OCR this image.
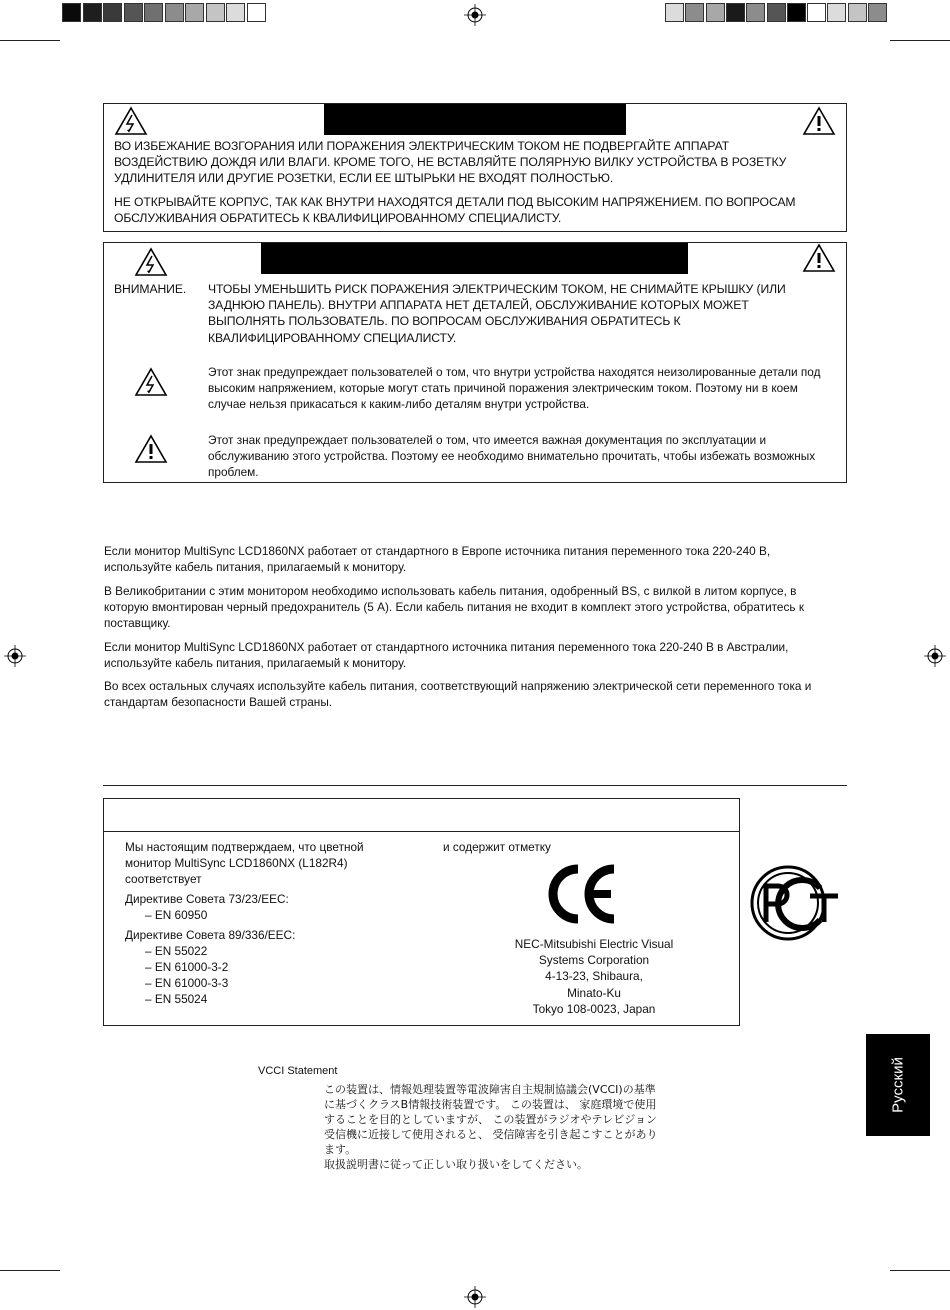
ВО ИЗБЕЖАНИЕ ВОЗГОРАНИЯ ИЛИ ПОРАЖЕНИЯ ЭЛЕКТРИЧЕСКИМ ТОКОМ НЕ ПОДВЕРГАЙТЕ АППАРАТ ВОЗДЕЙСТВИЮ ДОЖДЯ ИЛИ ВЛАГИ. КРОМЕ ТОГО, НЕ ВСТАВЛЯЙТЕ ПОЛЯРНУЮ ВИЛКУ УСТРОЙСТВА В РОЗЕТКУ УДЛИНИТЕЛЯ ИЛИ ДРУГИЕ РОЗЕТКИ, ЕСЛИ ЕЕ ШТЫРЬКИ НЕ ВХОДЯТ ПОЛНОСТЬЮ.

НЕ ОТКРЫВАЙТЕ КОРПУС, ТАК КАК ВНУТРИ НАХОДЯТСЯ ДЕТАЛИ ПОД ВЫСОКИМ НАПРЯЖЕНИЕМ. ПО ВОПРОСАМ ОБСЛУЖИВАНИЯ ОБРАТИТЕСЬ К КВАЛИФИЦИРОВАННОМУ СПЕЦИАЛИСТУ.

ВНИМАНИЕ. ЧТОБЫ УМЕНЬШИТЬ РИСК ПОРАЖЕНИЯ ЭЛЕКТРИЧЕСКИМ ТОКОМ, НЕ СНИМАЙТЕ КРЫШКУ (ИЛИ ЗАДНЮЮ ПАНЕЛЬ). ВНУТРИ АППАРАТА НЕТ ДЕТАЛЕЙ, ОБСЛУЖИВАНИЕ КОТОРЫХ МОЖЕТ ВЫПОЛНЯТЬ ПОЛЬЗОВАТЕЛЬ. ПО ВОПРОСАМ ОБСЛУЖИВАНИЯ ОБРАТИТЕСЬ К КВАЛИФИЦИРОВАННОМУ СПЕЦИАЛИСТУ.

Этот знак предупреждает пользователей о том, что внутри устройства находятся неизолированные детали под высоким напряжением, которые могут стать причиной поражения электрическим током. Поэтому ни в коем случае нельзя прикасаться к каким-либо деталям внутри устройства.

Этот знак предупреждает пользователей о том, что имеется важная документация по эксплуатации и обслуживанию этого устройства. Поэтому ее необходимо внимательно прочитать, чтобы избежать возможных проблем.

Если монитор MultiSync LCD1860NX работает от стандартного в Европе источника питания переменного тока 220-240 В, используйте кабель питания, прилагаемый к монитору.

В Великобритании с этим монитором необходимо использовать кабель питания, одобренный BS, с вилкой в литом корпусе, в которую вмонтирован черный предохранитель (5 А). Если кабель питания не входит в комплект этого устройства, обратитесь к поставщику.

Если монитор MultiSync LCD1860NX работает от стандартного источника питания переменного тока 220-240 В в Австралии, используйте кабель питания, прилагаемый к монитору.

Во всех остальных случаях используйте кабель питания, соответствующий напряжению электрической сети переменного тока и стандартам безопасности Вашей страны.

Мы настоящим подтверждаем, что цветной монитор MultiSync LCD1860NX (L182R4) соответствует

Директиве Совета 73/23/EEC:
– EN 60950
Директиве Совета 89/336/EEC:
– EN 55022
– EN 61000-3-2
– EN 61000-3-3
– EN 55024
и содержит отметку
NEC-Mitsubishi Electric Visual
Systems Corporation
4-13-23, Shibaura,
Minato-Ku
Tokyo 108-0023, Japan
VCCI Statement
この装置は、情報処理装置等電波障害自主規制協議会(VCCI)の基準
に基づくクラスB情報技術装置です。 この装置は、 家庭環境で使用
することを目的としていますが、 この装置がラジオやテレビジョン
受信機に近接して使用されると、 受信障害を引き起こすことがあり
ます。
取扱説明書に従って正しい取り扱いをしてください。
Русский
